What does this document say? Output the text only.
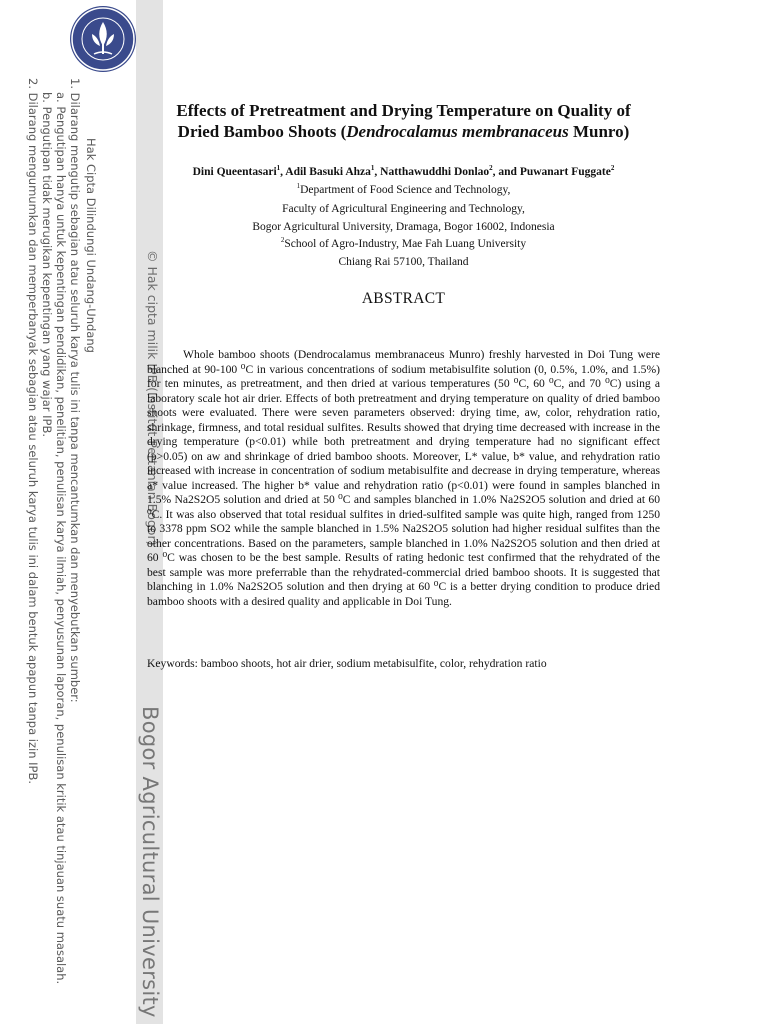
Hak Cipta Dilindungi Undang-Undang
1. Dilarang mengutip sebagian atau seluruh karya tulis ini tanpa mencantumkan dan menyebutkan sumber:
a. Pengutipan hanya untuk kepentingan pendidikan, penelitian, penulisan karya ilmiah, penyusunan laporan, penulisan kritik atau tinjauan suatu masalah.
b. Pengutipan tidak merugikan kepentingan yang wajar IPB.
2. Dilarang mengumumkan dan memperbanyak sebagian atau seluruh karya tulis ini dalam bentuk apapun tanpa izin IPB.	© Hak cipta milik IPB (Institut Pertanian Bogor)
Bogor Agricultural University
Effects of Pretreatment and Drying Temperature on Quality of
Dried Bamboo Shoots (Dendrocalamus membranaceus Munro)
Dini Queentasari$^1$, Adil Basuki Ahza$^1$, Natthawuddhi Donlao$^2$, and Puwanart Fuggate$^2$
$^1$Department of Food Science and Technology,
Faculty of Agricultural Engineering and Technology,
Bogor Agricultural University, Dramaga, Bogor 16002, Indonesia
$^2$School of Agro-Industry, Mae Fah Luang University
Chiang Rai 57100, Thailand
ABSTRACT

Whole bamboo shoots (Dendrocalamus membranaceus Munro) freshly harvested in Doi Tung were blanched at 90-100 ⁰C in various concentrations of sodium metabisulfite solution (0, 0.5%, 1.0%, and 1.5%) for ten minutes, as pretreatment, and then dried at various temperatures (50 ⁰C, 60 ⁰C, and 70 ⁰C) using a laboratory scale hot air drier. Effects of both pretreatment and drying temperature on quality of dried bamboo shoots were evaluated. There were seven parameters observed: drying time, aw, color, rehydration ratio, shrinkage, firmness, and total residual sulfites. Results showed that drying time decreased with increase in the drying temperature (p<0.01) while both pretreatment and drying temperature had no significant effect (p>0.05) on aw and shrinkage of dried bamboo shoots. Moreover, L* value, b* value, and rehydration ratio increased with increase in concentration of sodium metabisulfite and decrease in drying temperature, whereas a* value increased. The higher b* value and rehydration ratio (p<0.01) were found in samples blanched in 1.5% Na2S2O5 solution and dried at 50 ⁰C and samples blanched in 1.0% Na2S2O5 solution and dried at 60 ⁰C. It was also observed that total residual sulfites in dried-sulfited sample was quite high, ranged from 1250 to 3378 ppm SO2 while the sample blanched in 1.5% Na2S2O5 solution had higher residual sulfites than the other concentrations. Based on the parameters, sample blanched in 1.0% Na2S2O5 solution and then dried at 60 ⁰C was chosen to be the best sample. Results of rating hedonic test confirmed that the rehydrated of the best sample was more preferrable than the rehydrated-commercial dried bamboo shoots. It is suggested that blanching in 1.0% Na2S2O5 solution and then drying at 60 ⁰C is a better drying condition to produce dried bamboo shoots with a desired quality and applicable in Doi Tung.

Keywords: bamboo shoots, hot air drier, sodium metabisulfite, color, rehydration ratio
